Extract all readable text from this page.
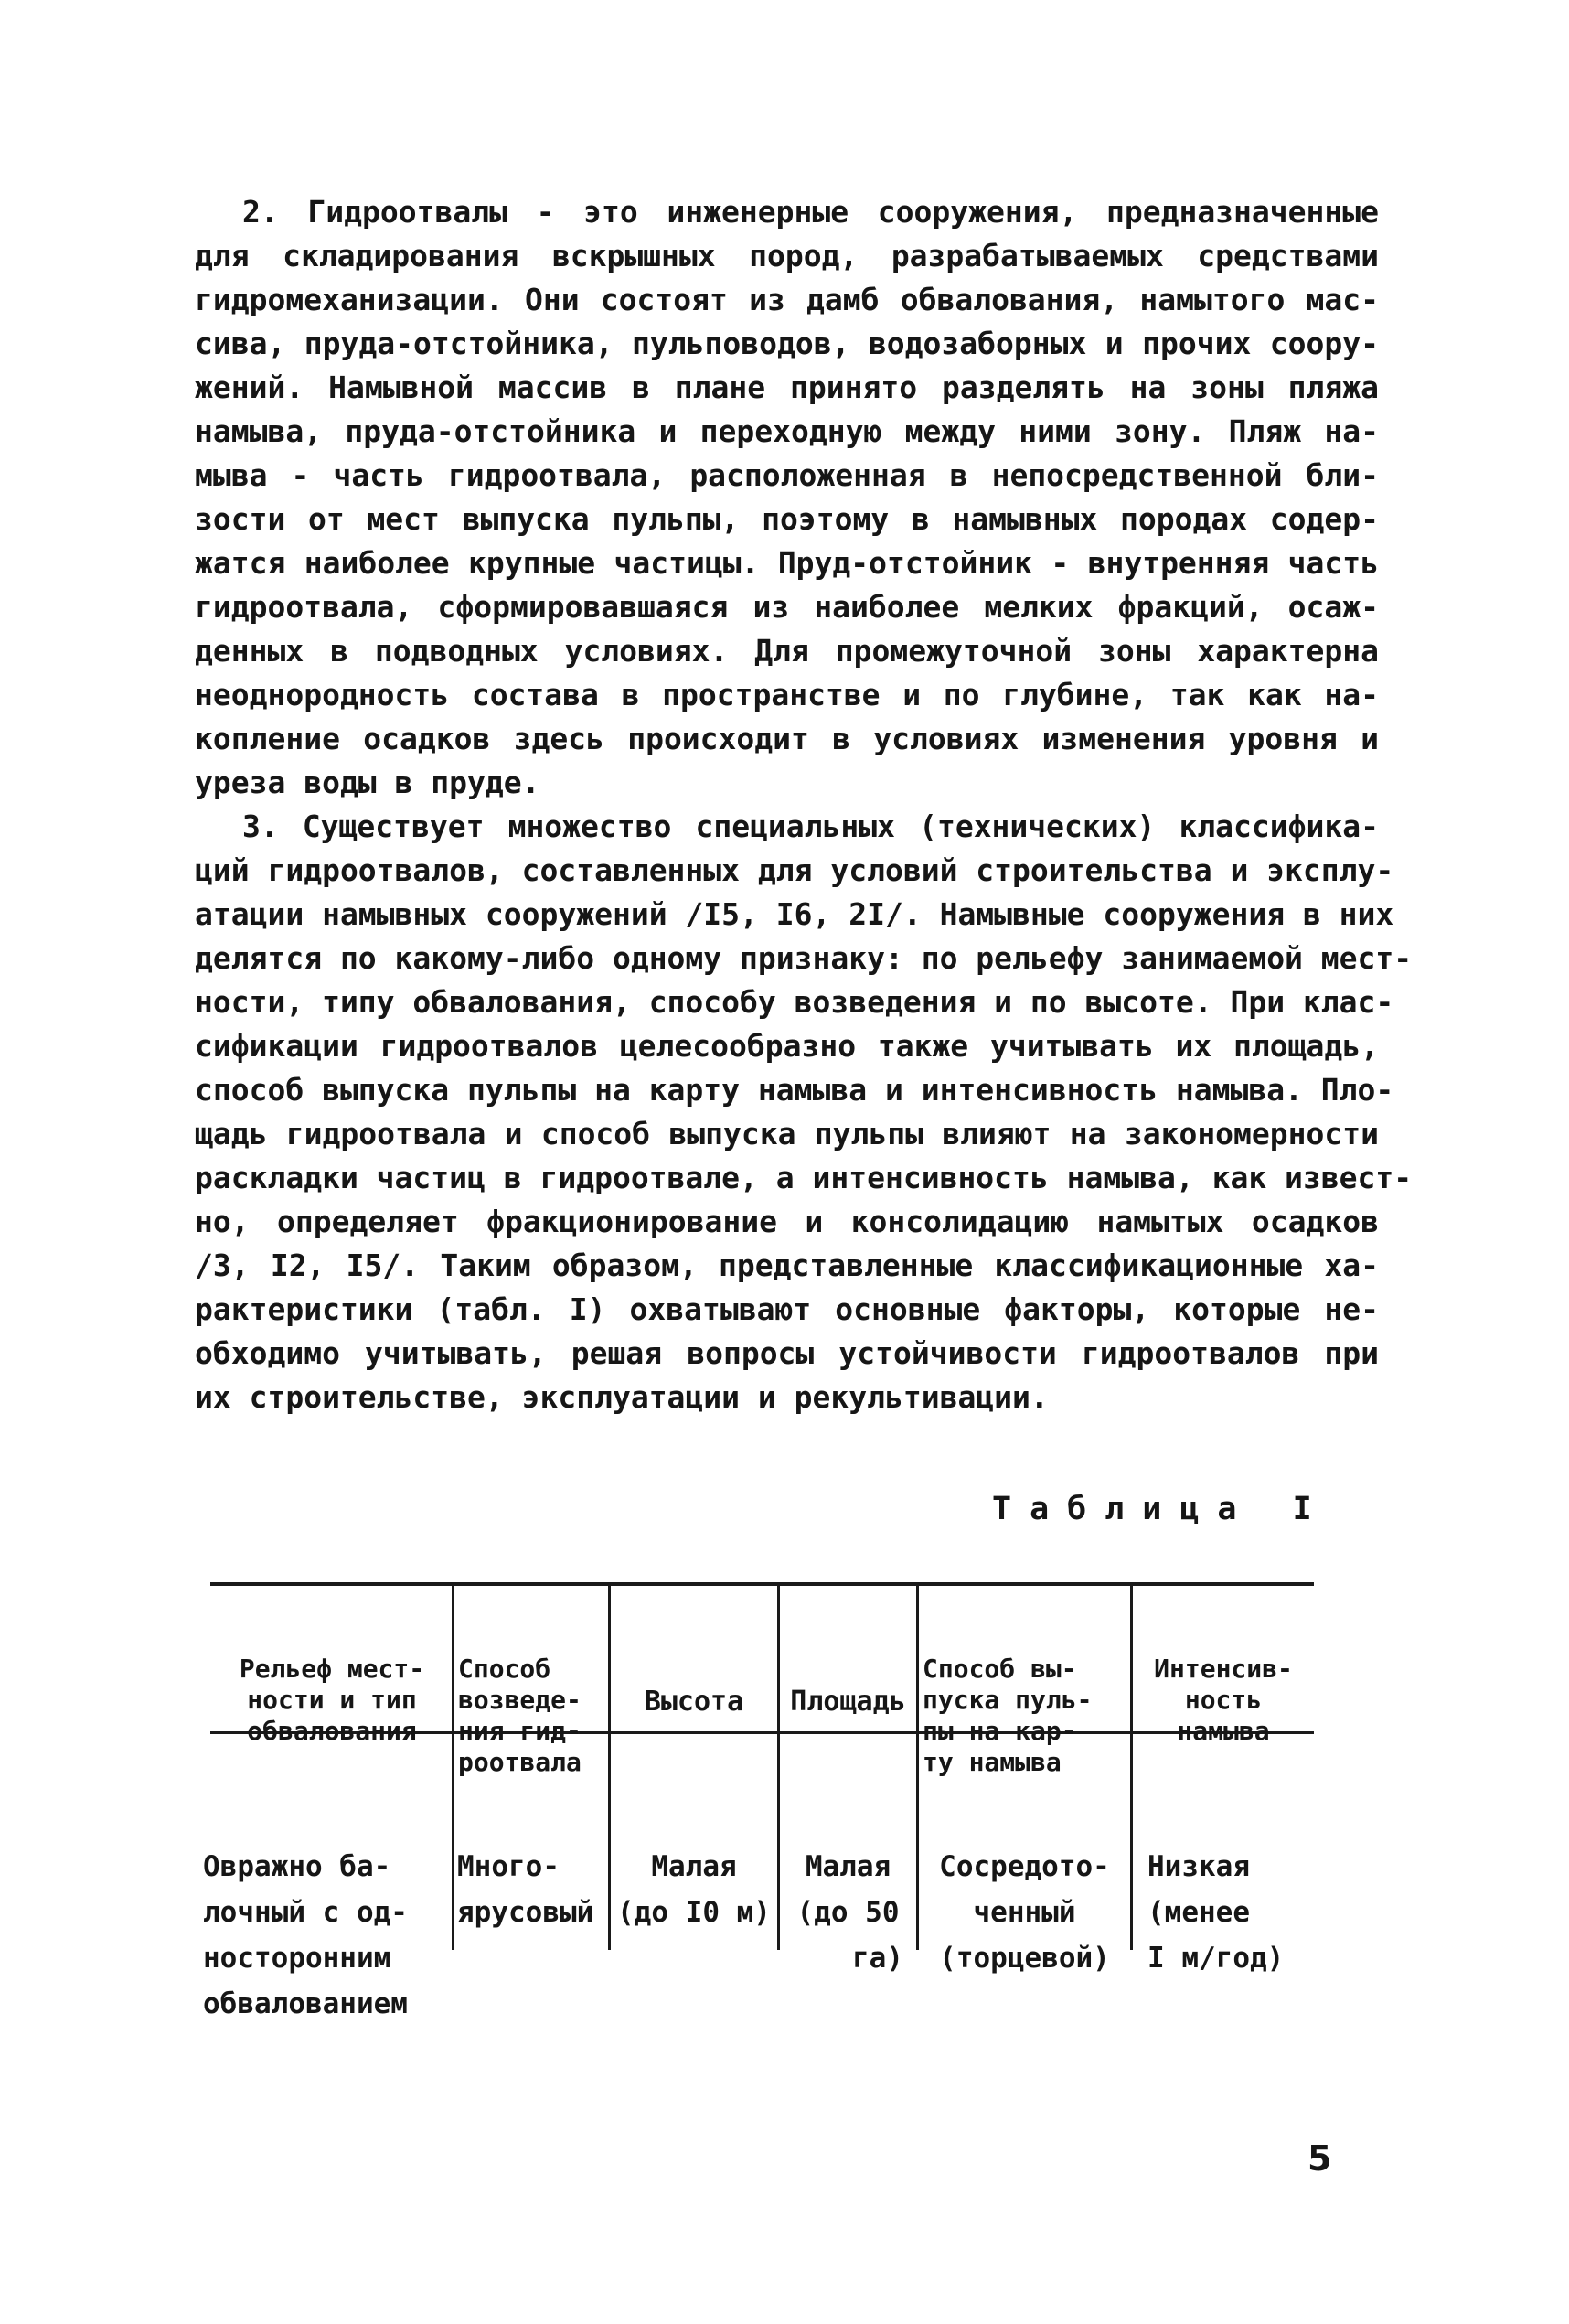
2. Гидроотвалы - это инженерные сооружения, предназначенные
для складирования вскрышных пород, разрабатываемых средствами
гидромеханизации. Они состоят из дамб обвалования, намытого мас-
сива, пруда-отстойника, пульповодов, водозаборных и прочих соору-
жений. Намывной массив в плане принято разделять на зоны пляжа
намыва, пруда-отстойника и переходную между ними зону. Пляж на-
мыва - часть гидроотвала, расположенная в непосредственной бли-
зости от мест выпуска пульпы, поэтому в намывных породах содер-
жатся наиболее крупные частицы. Пруд-отстойник - внутренняя часть
гидроотвала, сформировавшаяся из наиболее мелких фракций, осаж-
денных в подводных условиях. Для промежуточной зоны характерна
неоднородность состава в пространстве и по глубине, так как на-
копление осадков здесь происходит в условиях изменения уровня и
уреза воды в пруде.
3. Существует множество специальных (технических) классифика-
ций гидроотвалов, составленных для условий строительства и эксплу-
атации намывных сооружений /I5, I6, 2I/. Намывные сооружения в них
делятся по какому-либо одному признаку: по рельефу занимаемой мест-
ности, типу обвалования, способу возведения и по высоте. При клас-
сификации гидроотвалов целесообразно также учитывать их площадь,
способ выпуска пульпы на карту намыва и интенсивность намыва. Пло-
щадь гидроотвала и способ выпуска пульпы влияют на закономерности
раскладки частиц в гидроотвале, а интенсивность намыва, как извест-
но, определяет фракционирование и консолидацию намытых осадков
/3, I2, I5/. Таким образом, представленные классификационные ха-
рактеристики (табл. I) охватывают основные факторы, которые не-
обходимо учитывать, решая вопросы устойчивости гидроотвалов при
их строительстве, эксплуатации и рекультивации.
Таблица I

Рельеф мест-
ности и тип
обвалования

Способ
возведе-
ния гид-
роотвала

Высота

	Площадь

Способ вы-
пуска пуль-
пы на кар-
ту намыва

Интенсив-
ность
намыва

Овражно ба-
лочный с од-
носторонним
обвалованием

Много-
ярусовый

Малая
(до I0 м)

Малая
(до 50
га)

Сосредото-
ченный
(торцевой)

Низкая
(менее
I м/год)

5
